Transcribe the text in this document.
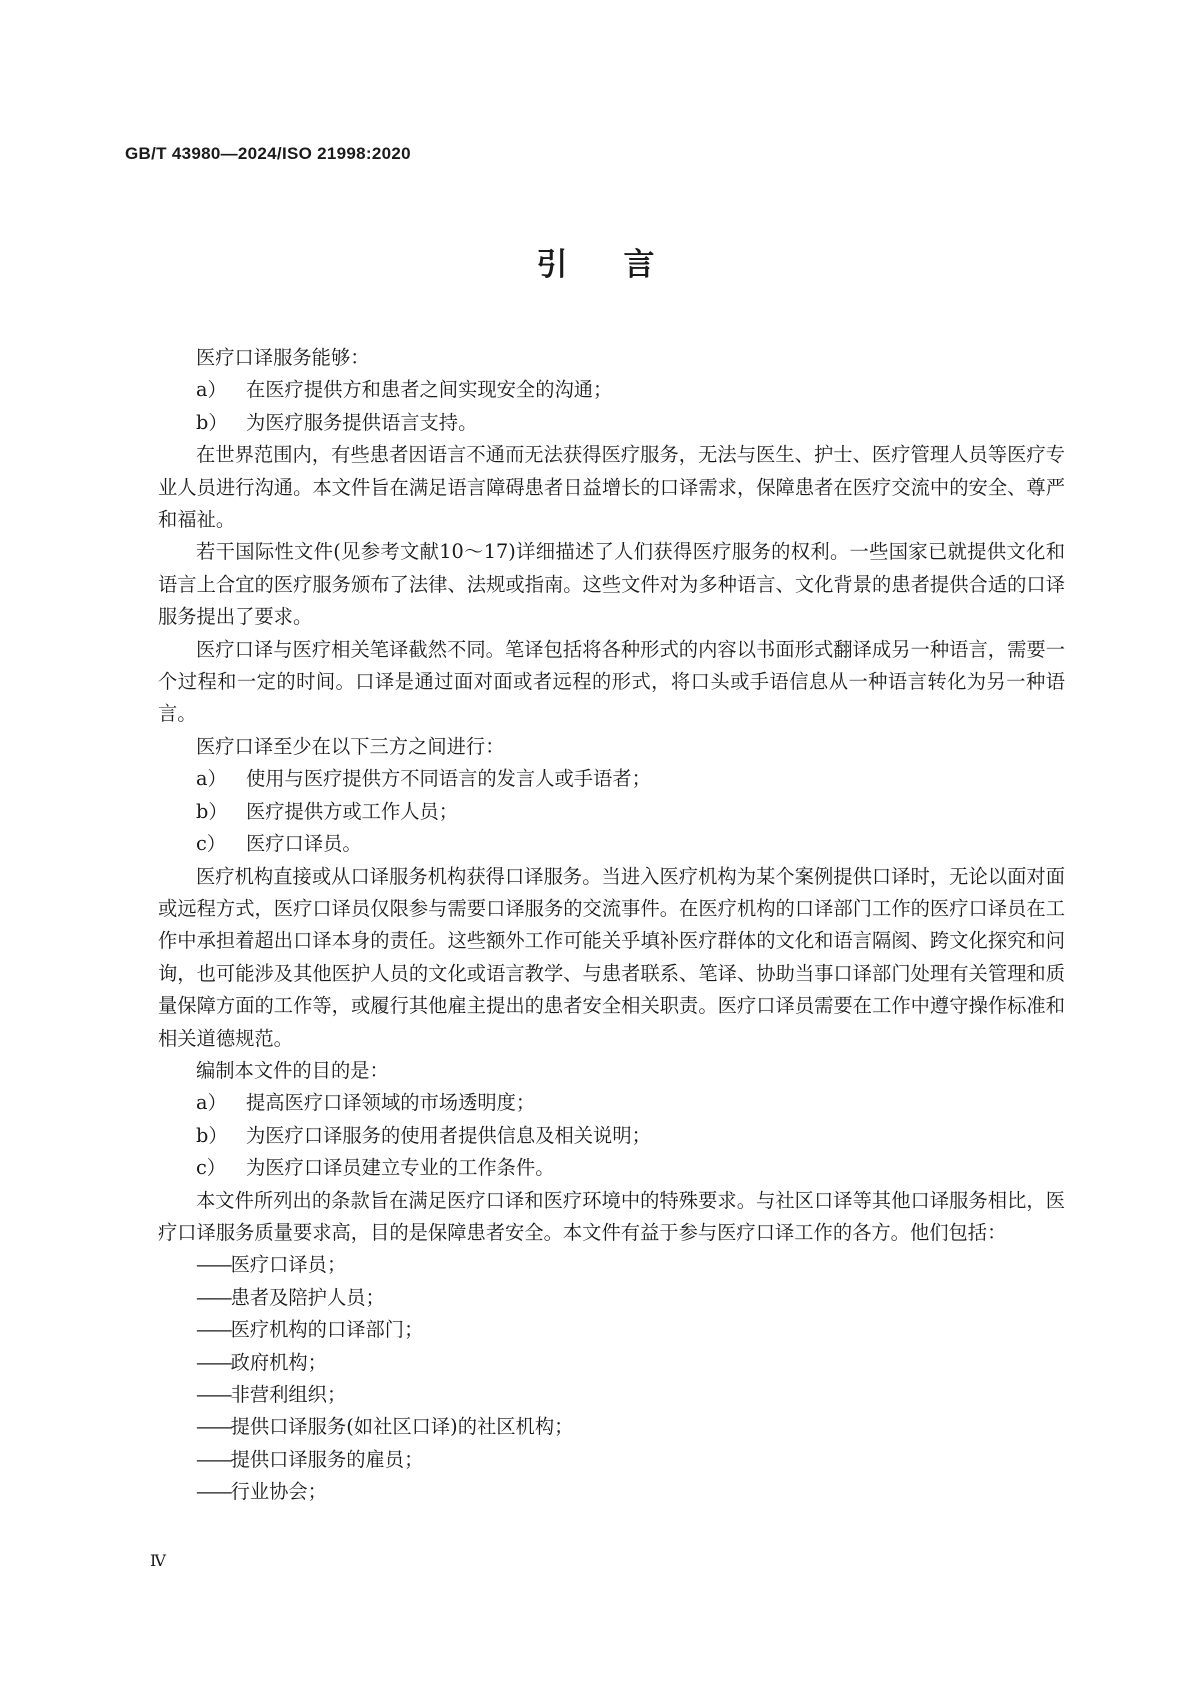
GB/T 43980—2024/ISO 21998:2020
引言

医疗口译服务能够：

a） 在医疗提供方和患者之间实现安全的沟通；

b） 为医疗服务提供语言支持。

在世界范围内，有些患者因语言不通而无法获得医疗服务，无法与医生、护士、医疗管理人员等医疗专业人员进行沟通。本文件旨在满足语言障碍患者日益增长的口译需求，保障患者在医疗交流中的安全、尊严和福祉。

若干国际性文件(见参考文献10～17)详细描述了人们获得医疗服务的权利。一些国家已就提供文化和语言上合宜的医疗服务颁布了法律、法规或指南。这些文件对为多种语言、文化背景的患者提供合适的口译服务提出了要求。

医疗口译与医疗相关笔译截然不同。笔译包括将各种形式的内容以书面形式翻译成另一种语言，需要一个过程和一定的时间。口译是通过面对面或者远程的形式，将口头或手语信息从一种语言转化为另一种语言。

医疗口译至少在以下三方之间进行：

a） 使用与医疗提供方不同语言的发言人或手语者；

b） 医疗提供方或工作人员；

c） 医疗口译员。

医疗机构直接或从口译服务机构获得口译服务。当进入医疗机构为某个案例提供口译时，无论以面对面或远程方式，医疗口译员仅限参与需要口译服务的交流事件。在医疗机构的口译部门工作的医疗口译员在工作中承担着超出口译本身的责任。这些额外工作可能关乎填补医疗群体的文化和语言隔阂、跨文化探究和问询，也可能涉及其他医护人员的文化或语言教学、与患者联系、笔译、协助当事口译部门处理有关管理和质量保障方面的工作等，或履行其他雇主提出的患者安全相关职责。医疗口译员需要在工作中遵守操作标准和相关道德规范。

编制本文件的目的是：

a） 提高医疗口译领域的市场透明度；

b） 为医疗口译服务的使用者提供信息及相关说明；

c） 为医疗口译员建立专业的工作条件。

本文件所列出的条款旨在满足医疗口译和医疗环境中的特殊要求。与社区口译等其他口译服务相比，医疗口译服务质量要求高，目的是保障患者安全。本文件有益于参与医疗口译工作的各方。他们包括：

——医疗口译员；

——患者及陪护人员；

——医疗机构的口译部门；

——政府机构；

——非营利组织；

——提供口译服务(如社区口译)的社区机构；

——提供口译服务的雇员；

——行业协会；

Ⅳ
